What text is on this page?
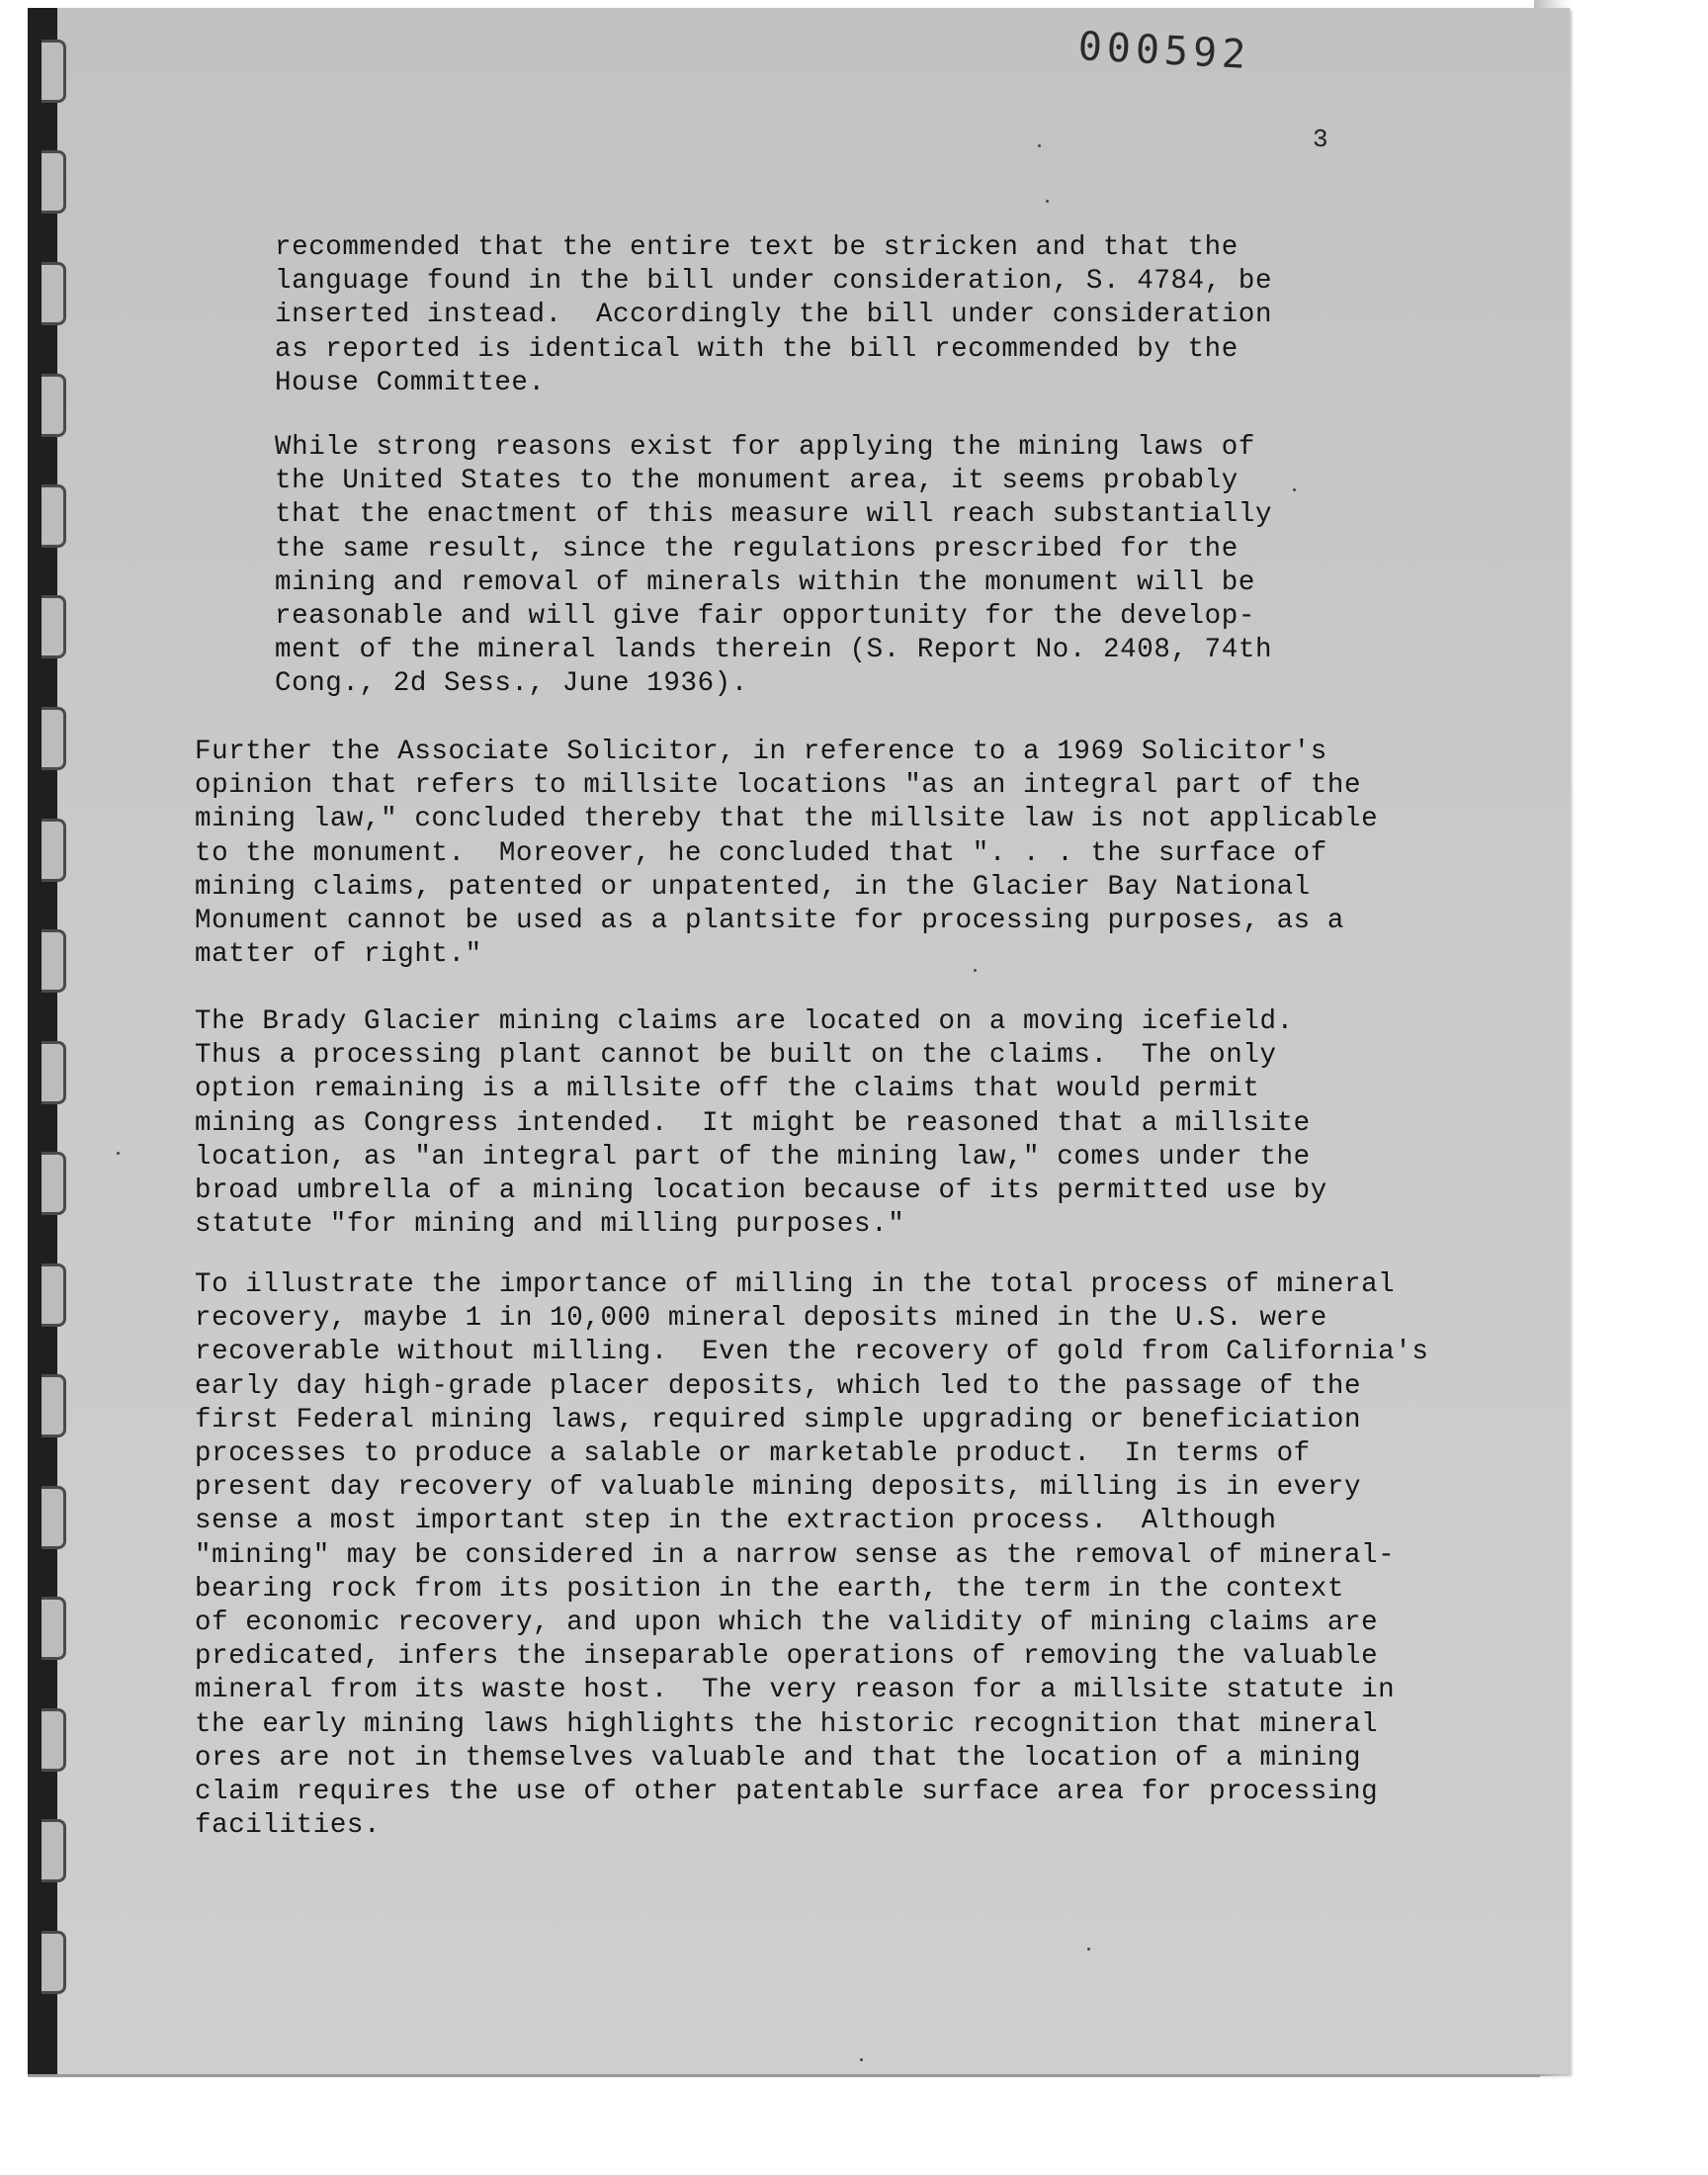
000592
3
recommended that the entire text be stricken and that the
language found in the bill under consideration, S. 4784, be
inserted instead.  Accordingly the bill under consideration
as reported is identical with the bill recommended by the
House Committee.
While strong reasons exist for applying the mining laws of
the United States to the monument area, it seems probably
that the enactment of this measure will reach substantially
the same result, since the regulations prescribed for the
mining and removal of minerals within the monument will be
reasonable and will give fair opportunity for the develop-
ment of the mineral lands therein (S. Report No. 2408, 74th
Cong., 2d Sess., June 1936).
Further the Associate Solicitor, in reference to a 1969 Solicitor's
opinion that refers to millsite locations "as an integral part of the
mining law," concluded thereby that the millsite law is not applicable
to the monument.  Moreover, he concluded that ". . . the surface of
mining claims, patented or unpatented, in the Glacier Bay National
Monument cannot be used as a plantsite for processing purposes, as a
matter of right."
The Brady Glacier mining claims are located on a moving icefield.
Thus a processing plant cannot be built on the claims.  The only
option remaining is a millsite off the claims that would permit
mining as Congress intended.  It might be reasoned that a millsite
location, as "an integral part of the mining law," comes under the
broad umbrella of a mining location because of its permitted use by
statute "for mining and milling purposes."
To illustrate the importance of milling in the total process of mineral
recovery, maybe 1 in 10,000 mineral deposits mined in the U.S. were
recoverable without milling.  Even the recovery of gold from California's
early day high-grade placer deposits, which led to the passage of the
first Federal mining laws, required simple upgrading or beneficiation
processes to produce a salable or marketable product.  In terms of
present day recovery of valuable mining deposits, milling is in every
sense a most important step in the extraction process.  Although
"mining" may be considered in a narrow sense as the removal of mineral-
bearing rock from its position in the earth, the term in the context
of economic recovery, and upon which the validity of mining claims are
predicated, infers the inseparable operations of removing the valuable
mineral from its waste host.  The very reason for a millsite statute in
the early mining laws highlights the historic recognition that mineral
ores are not in themselves valuable and that the location of a mining
claim requires the use of other patentable surface area for processing
facilities.
